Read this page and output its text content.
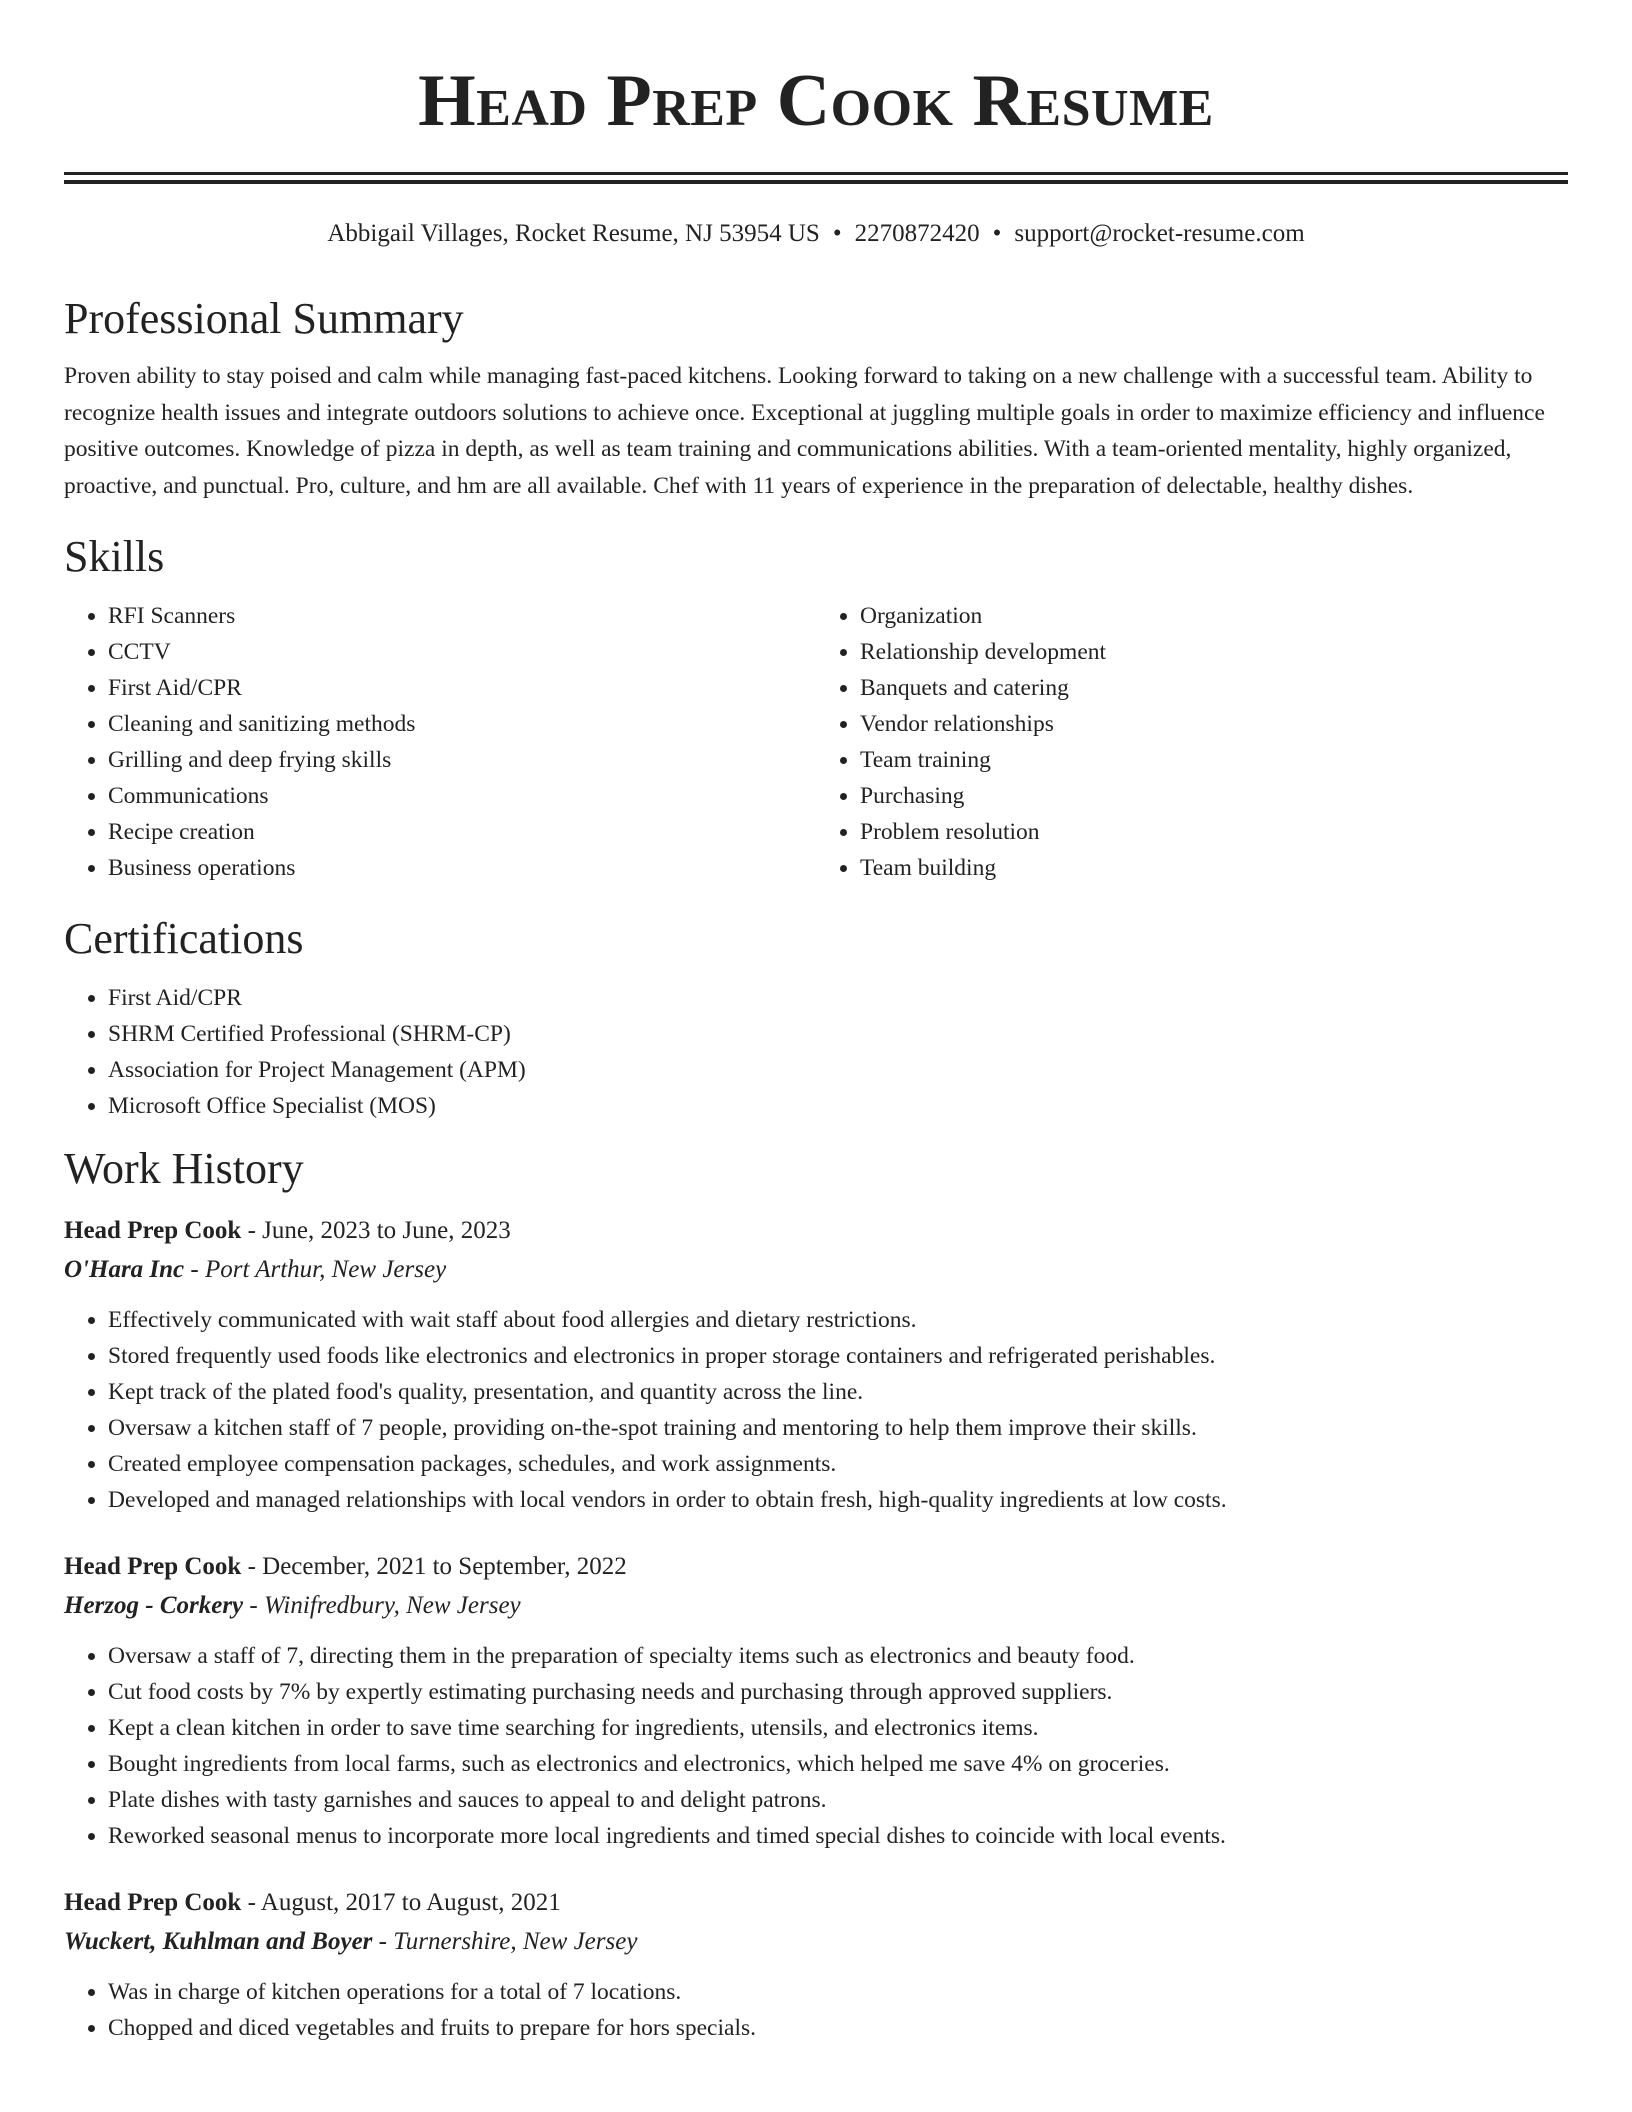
Head Prep Cook Resume
Abbigail Villages, Rocket Resume, NJ 53954 US • 2270872420 • support@rocket-resume.com
Professional Summary

Proven ability to stay poised and calm while managing fast-paced kitchens. Looking forward to taking on a new challenge with a successful team. Ability to recognize health issues and integrate outdoors solutions to achieve once. Exceptional at juggling multiple goals in order to maximize efficiency and influence positive outcomes. Knowledge of pizza in depth, as well as team training and communications abilities. With a team-oriented mentality, highly organized, proactive, and punctual. Pro, culture, and hm are all available. Chef with 11 years of experience in the preparation of delectable, healthy dishes.

Skills
• RFI Scanners
• CCTV
• First Aid/CPR
• Cleaning and sanitizing methods
• Grilling and deep frying skills
• Communications
• Recipe creation
• Business operations
• Organization
• Relationship development
• Banquets and catering
• Vendor relationships
• Team training
• Purchasing
• Problem resolution
• Team building
Certifications
• First Aid/CPR
• SHRM Certified Professional (SHRM-CP)
• Association for Project Management (APM)
• Microsoft Office Specialist (MOS)
Work History
Head Prep Cook - June, 2023 to June, 2023
O'Hara Inc - Port Arthur, New Jersey
• Effectively communicated with wait staff about food allergies and dietary restrictions.
• Stored frequently used foods like electronics and electronics in proper storage containers and refrigerated perishables.
• Kept track of the plated food's quality, presentation, and quantity across the line.
• Oversaw a kitchen staff of 7 people, providing on-the-spot training and mentoring to help them improve their skills.
• Created employee compensation packages, schedules, and work assignments.
• Developed and managed relationships with local vendors in order to obtain fresh, high-quality ingredients at low costs.
Head Prep Cook - December, 2021 to September, 2022
Herzog - Corkery - Winifredbury, New Jersey
• Oversaw a staff of 7, directing them in the preparation of specialty items such as electronics and beauty food.
• Cut food costs by 7% by expertly estimating purchasing needs and purchasing through approved suppliers.
• Kept a clean kitchen in order to save time searching for ingredients, utensils, and electronics items.
• Bought ingredients from local farms, such as electronics and electronics, which helped me save 4% on groceries.
• Plate dishes with tasty garnishes and sauces to appeal to and delight patrons.
• Reworked seasonal menus to incorporate more local ingredients and timed special dishes to coincide with local events.
Head Prep Cook - August, 2017 to August, 2021
Wuckert, Kuhlman and Boyer - Turnershire, New Jersey
• Was in charge of kitchen operations for a total of 7 locations.
• Chopped and diced vegetables and fruits to prepare for hors specials.
